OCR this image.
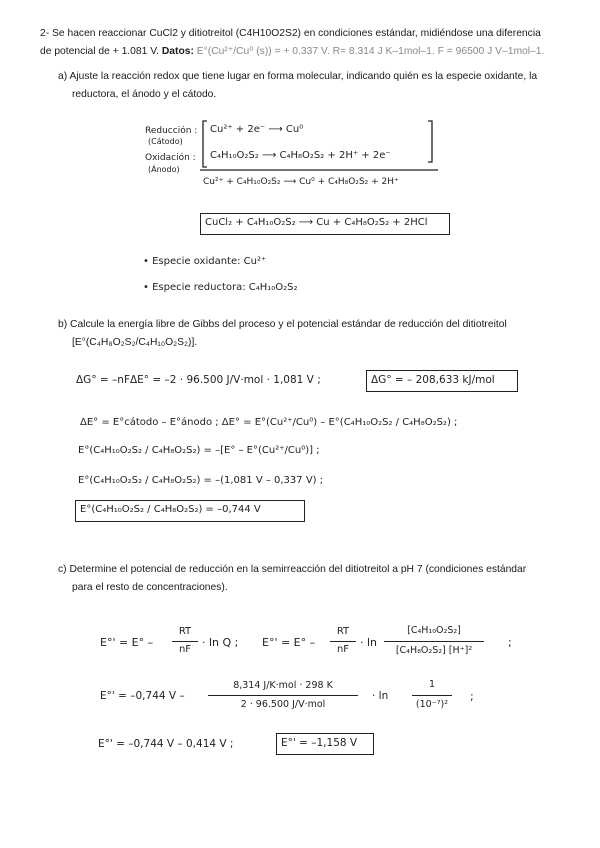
2- Se hacen reaccionar CuCl2 y ditiotreitol (C4H10O2S2) en condiciones estándar, midiéndose una diferencia
de potencial de + 1.081 V. Datos: E°(Cu²⁺/Cu⁰ (s)) = + 0.337 V. R= 8.314 J K–1mol–1. F = 96500 J V–1mol–1.
a) Ajuste la reacción redox que tiene lugar en forma molecular, indicando quién es la especie oxidante, la
reductora, el ánodo y el cátodo.
Reducción :
(Cátodo)
Oxidación :
(Ánodo)
Cu²⁺ + 2e⁻ ⟶ Cu⁰
C₄H₁₀O₂S₂ ⟶ C₄H₈O₂S₂ + 2H⁺ + 2e⁻
Cu²⁺ + C₄H₁₀O₂S₂ ⟶ Cu⁰ + C₄H₈O₂S₂ + 2H⁺
CuCl₂ + C₄H₁₀O₂S₂ ⟶ Cu + C₄H₈O₂S₂ + 2HCl
• Especie oxidante: Cu²⁺
• Especie reductora: C₄H₁₀O₂S₂
b) Calcule la energía libre de Gibbs del proceso y el potencial estándar de reducción del ditiotreitol
[E°(C₄H₈O₂S₂/C₄H₁₀O₂S₂)].
ΔG° = –nFΔE° = –2 · 96.500 J/V·mol · 1,081 V ;	ΔG° = – 208,633 kJ/mol
ΔE° = E°cátodo – E°ánodo ; ΔE° = E°(Cu²⁺/Cu⁰) – E°(C₄H₁₀O₂S₂ / C₄H₈O₂S₂) ;
E°(C₄H₁₀O₂S₂ / C₄H₈O₂S₂) = –[E° – E°(Cu²⁺/Cu⁰)] ;
E°(C₄H₁₀O₂S₂ / C₄H₈O₂S₂) = –(1,081 V – 0,337 V) ;
E°(C₄H₁₀O₂S₂ / C₄H₈O₂S₂) = –0,744 V
c) Determine el potencial de reducción en la semirreacción del ditiotreitol a pH 7 (condiciones estándar
para el resto de concentraciones).
E°' = E° –
RT
nF
· ln Q ; E°' = E° –
RT
nF
· ln
[C₄H₁₀O₂S₂]
[C₄H₈O₂S₂] [H⁺]²
;
E°' = –0,744 V –
8,314 J/K·mol · 298 K
2 · 96.500 J/V·mol
· ln
1
(10⁻⁷)²
;
E°' = –0,744 V – 0,414 V ;	E°' = –1,158 V
